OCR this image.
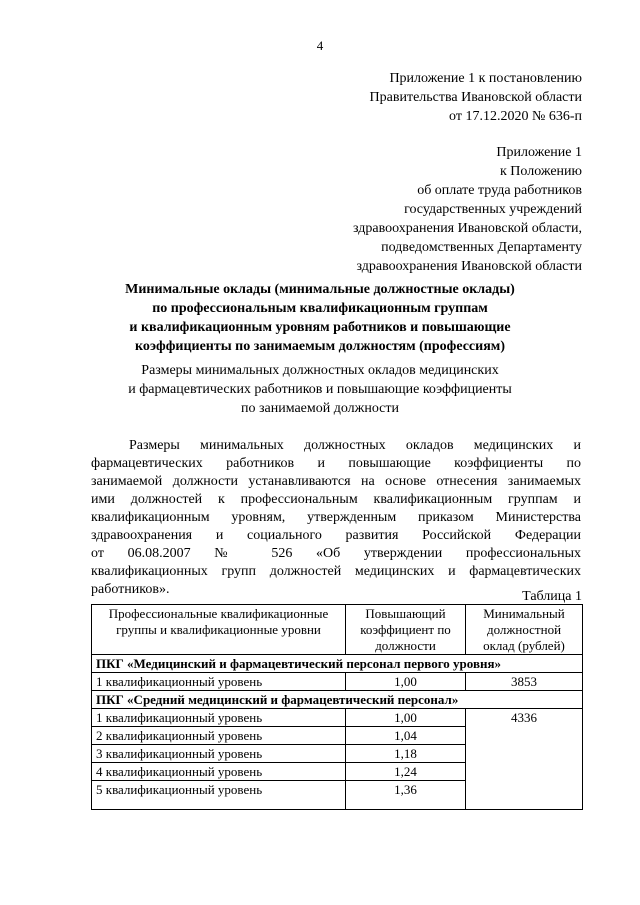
4
Приложение 1 к постановлению
Правительства Ивановской области
от 17.12.2020 № 636-п
Приложение 1
к Положению
об оплате труда работников
государственных учреждений
здравоохранения Ивановской области,
подведомственных Департаменту
здравоохранения Ивановской области
Минимальные оклады (минимальные должностные оклады)
по профессиональным квалификационным группам
и квалификационным уровням работников и повышающие
коэффициенты по занимаемым должностям (профессиям)
Размеры минимальных должностных окладов медицинских
и фармацевтических работников и повышающие коэффициенты
по занимаемой должности
Размеры минимальных должностных окладов медицинских и
фармацевтических работников и повышающие коэффициенты по
занимаемой должности устанавливаются на основе отнесения занимаемых
ими должностей к профессиональным квалификационным группам и
квалификационным уровням, утвержденным приказом Министерства
здравоохранения и социального развития Российской Федерации
от 06.08.2007 № 526 «Об утверждении профессиональных
квалификационных групп должностей медицинских и фармацевтических
работников».	Таблица 1
Профессиональные квалификационные группы и квалификационные уровни	Повышающий коэффициент по должности	Минимальный должностной оклад (рублей)
ПКГ «Медицинский и фармацевтический персонал первого уровня»		
1 квалификационный уровень	1,00	3853
ПКГ «Средний медицинский и фармацевтический персонал»		
1 квалификационный уровень	1,00	4336
2 квалификационный уровень	1,04	
3 квалификационный уровень	1,18	
4 квалификационный уровень	1,24	
5 квалификационный уровень	1,36	
